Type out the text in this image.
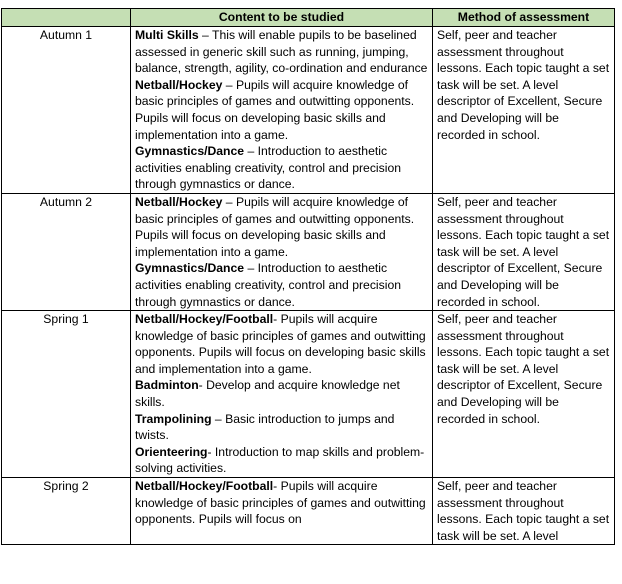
	Content to be studied	Method of assessment
Autumn 1	Multi Skills – This will enable pupils to be baselined assessed in generic skill such as running, jumping, balance, strength, agility, co-ordination and endurance

Netball/Hockey – Pupils will acquire knowledge of basic principles of games and outwitting opponents. Pupils will focus on developing basic skills and implementation into a game.

Gymnastics/Dance – Introduction to aesthetic activities enabling creativity, control and precision through gymnastics or dance.	Self, peer and teacher assessment throughout lessons. Each topic taught a set task will be set. A level descriptor of Excellent, Secure and Developing will be recorded in school.
Autumn 2	Netball/Hockey – Pupils will acquire knowledge of basic principles of games and outwitting opponents. Pupils will focus on developing basic skills and implementation into a game.

Gymnastics/Dance – Introduction to aesthetic activities enabling creativity, control and precision through gymnastics or dance.	Self, peer and teacher assessment throughout lessons. Each topic taught a set task will be set. A level descriptor of Excellent, Secure and Developing will be recorded in school.
Spring 1	Netball/Hockey/Football- Pupils will acquire knowledge of basic principles of games and outwitting opponents. Pupils will focus on developing basic skills and implementation into a game.

Badminton- Develop and acquire knowledge net skills.

Trampolining – Basic introduction to jumps and twists.

Orienteering- Introduction to map skills and problem-solving activities.	Self, peer and teacher assessment throughout lessons. Each topic taught a set task will be set. A level descriptor of Excellent, Secure and Developing will be recorded in school.
Spring 2	Netball/Hockey/Football- Pupils will acquire knowledge of basic principles of games and outwitting opponents. Pupils will focus on	Self, peer and teacher assessment throughout lessons. Each topic taught a set task will be set. A level
